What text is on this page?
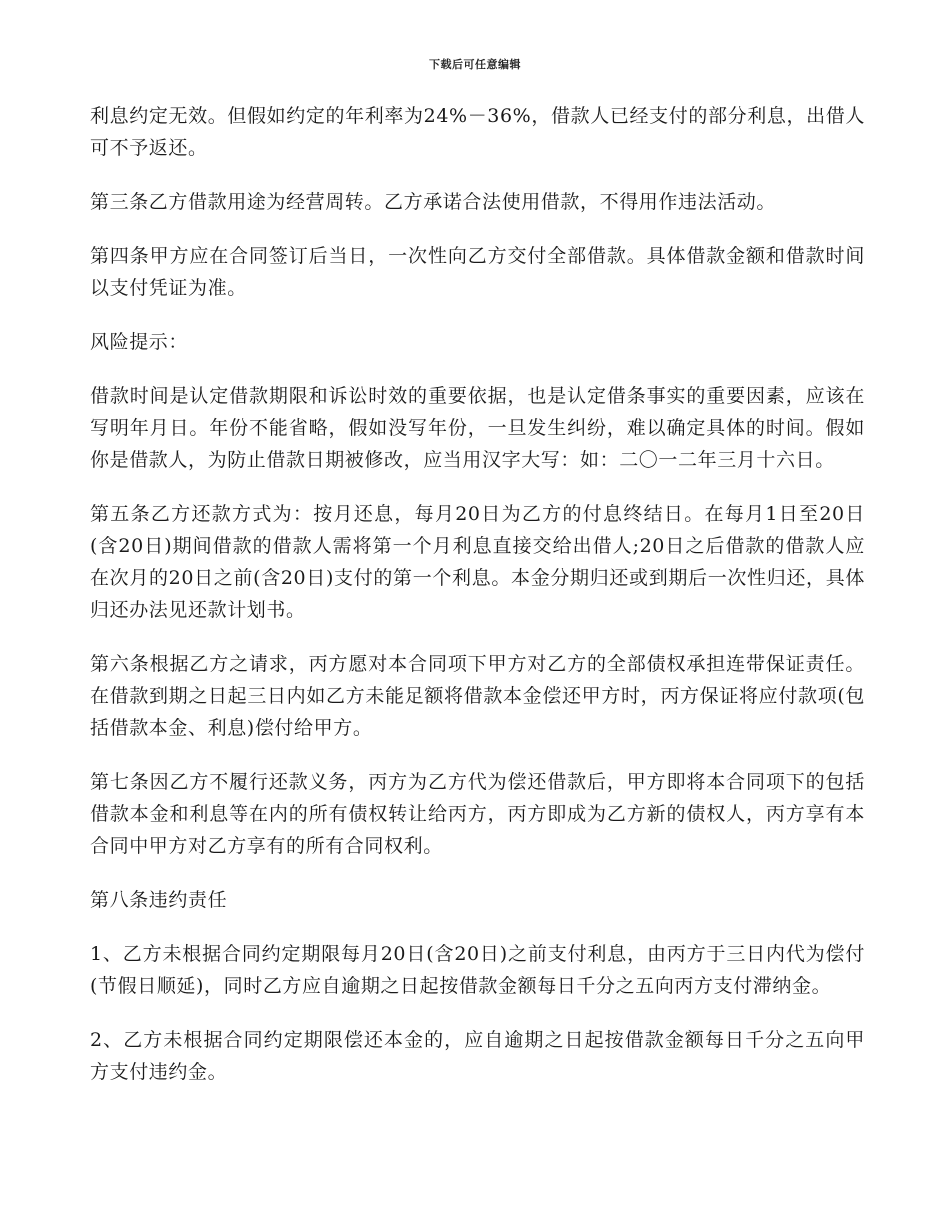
下载后可任意编辑

利息约定无效。但假如约定的年利率为24%－36%，借款人已经支付的部分利息，出借人可不予返还。

第三条乙方借款用途为经营周转。乙方承诺合法使用借款，不得用作违法活动。

第四条甲方应在合同签订后当日，一次性向乙方交付全部借款。具体借款金额和借款时间以支付凭证为准。

风险提示：

借款时间是认定借款期限和诉讼时效的重要依据，也是认定借条事实的重要因素，应该在写明年月日。年份不能省略，假如没写年份，一旦发生纠纷，难以确定具体的时间。假如你是借款人，为防止借款日期被修改，应当用汉字大写：如：二〇一二年三月十六日。

第五条乙方还款方式为：按月还息，每月20日为乙方的付息终结日。在每月1日至20日(含20日)期间借款的借款人需将第一个月利息直接交给出借人;20日之后借款的借款人应在次月的20日之前(含20日)支付的第一个利息。本金分期归还或到期后一次性归还，具体归还办法见还款计划书。

第六条根据乙方之请求，丙方愿对本合同项下甲方对乙方的全部债权承担连带保证责任。在借款到期之日起三日内如乙方未能足额将借款本金偿还甲方时，丙方保证将应付款项(包括借款本金、利息)偿付给甲方。

第七条因乙方不履行还款义务，丙方为乙方代为偿还借款后，甲方即将本合同项下的包括借款本金和利息等在内的所有债权转让给丙方，丙方即成为乙方新的债权人，丙方享有本合同中甲方对乙方享有的所有合同权利。

第八条违约责任

1、乙方未根据合同约定期限每月20日(含20日)之前支付利息，由丙方于三日内代为偿付(节假日顺延)，同时乙方应自逾期之日起按借款金额每日千分之五向丙方支付滞纳金。

2、乙方未根据合同约定期限偿还本金的，应自逾期之日起按借款金额每日千分之五向甲方支付违约金。
